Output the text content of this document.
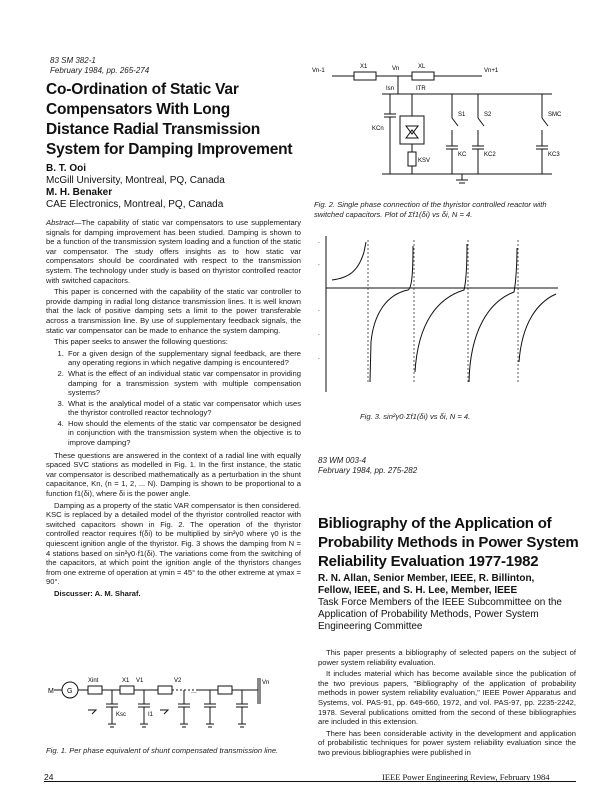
83 SM 382-1
February 1984, pp. 265-274
Co-Ordination of Static Var Compensators With Long Distance Radial Transmission System for Damping Improvement
B. T. Ooi
McGill University, Montreal, PQ, Canada
M. H. Benaker
CAE Electronics, Montreal, PQ, Canada

Abstract—The capability of static var compensators to use supplementary signals for damping improvement has been studied. Damping is shown to be a function of the transmission system loading and a function of the static var compensator. The study offers insights as to how static var compensators should be coordinated with respect to the transmission system. The technology under study is based on thyristor controlled reactor with switched capacitors.

This paper is concerned with the capability of the static var controller to provide damping in radial long distance transmission lines. It is well known that the lack of positive damping sets a limit to the power transferable across a transmission line. By use of supplementary feedback signals, the static var compensator can be made to enhance the system damping.

This paper seeks to answer the following questions:

1. For a given design of the supplementary signal feedback, are there any operating regions in which negative damping is encountered?
2. What is the effect of an individual static var compensator in providing damping for a transmission system with multiple compensation systems?
3. What is the analytical model of a static var compensator which uses the thyristor controlled reactor technology?
4. How should the elements of the static var compensator be designed in conjunction with the transmission system when the objective is to improve damping?

These questions are answered in the context of a radial line with equally spaced SVC stations as modelled in Fig. 1. In the first instance, the static var compensator is described mathematically as a perturbation in the shunt capacitance, Kn, (n = 1, 2, ... N). Damping is shown to be proportional to a function f1(δi), where δi is the power angle.

Damping as a property of the static VAR compensator is then considered. KSC is replaced by a detailed model of the thyristor controlled reactor with switched capacitors shown in Fig. 2. The operation of the thyristor controlled reactor requires f(δi) to be multiplied by sin²γ0 where γ0 is the quiescent ignition angle of the thyristor. Fig. 3 shows the damping from N = 4 stations based on sin²γ0·f1(δi). The variations come from the switching of the capacitors, at which point the ignition angle of the thyristors changes from one extreme of operation at γmin = 45° to the other extreme at γmax = 90°.

Discusser: A. M. Sharaf.

M G
Xint	X1 V1
I1
Ksc
V2
...
Vn
Fig. 1. Per phase equivalent of shunt compensated transmission line.
Vn-1
X1	Vn	XL
Vn+1
Isn	ITR
KCn
S1	S2	SMC
KC	KC2	KC3
KSV
Fig. 2. Single phase connection of the thyristor controlled reactor with switched capacitors. Plot of Σf1(δi) vs δi, N = 4.
-
-
-
-
-
Fig. 3. sin²γ0·Σf1(δi) vs δi, N = 4.
83 WM 003-4
February 1984, pp. 275-282
Bibliography of the Application of Probability Methods in Power System Reliability Evaluation 1977-1982
R. N. Allan, Senior Member, IEEE, R. Billinton,
Fellow, IEEE, and S. H. Lee, Member, IEEE
Task Force Members of the IEEE Subcommittee on the Application of Probability Methods, Power System Engineering Committee

This paper presents a bibliography of selected papers on the subject of power system reliability evaluation.

It includes material which has become available since the publication of the two previous papers, "Bibliography of the application of probability methods in power system reliability evaluation," IEEE Power Apparatus and Systems, vol. PAS-91, pp. 649-660, 1972, and vol. PAS-97, pp. 2235-2242, 1978. Several publications omitted from the second of these bibliographies are included in this extension.

There has been considerable activity in the development and application of probabilistic techniques for power system reliability evaluation since the two previous bibliographies were published in

24	IEEE Power Engineering Review, February 1984
